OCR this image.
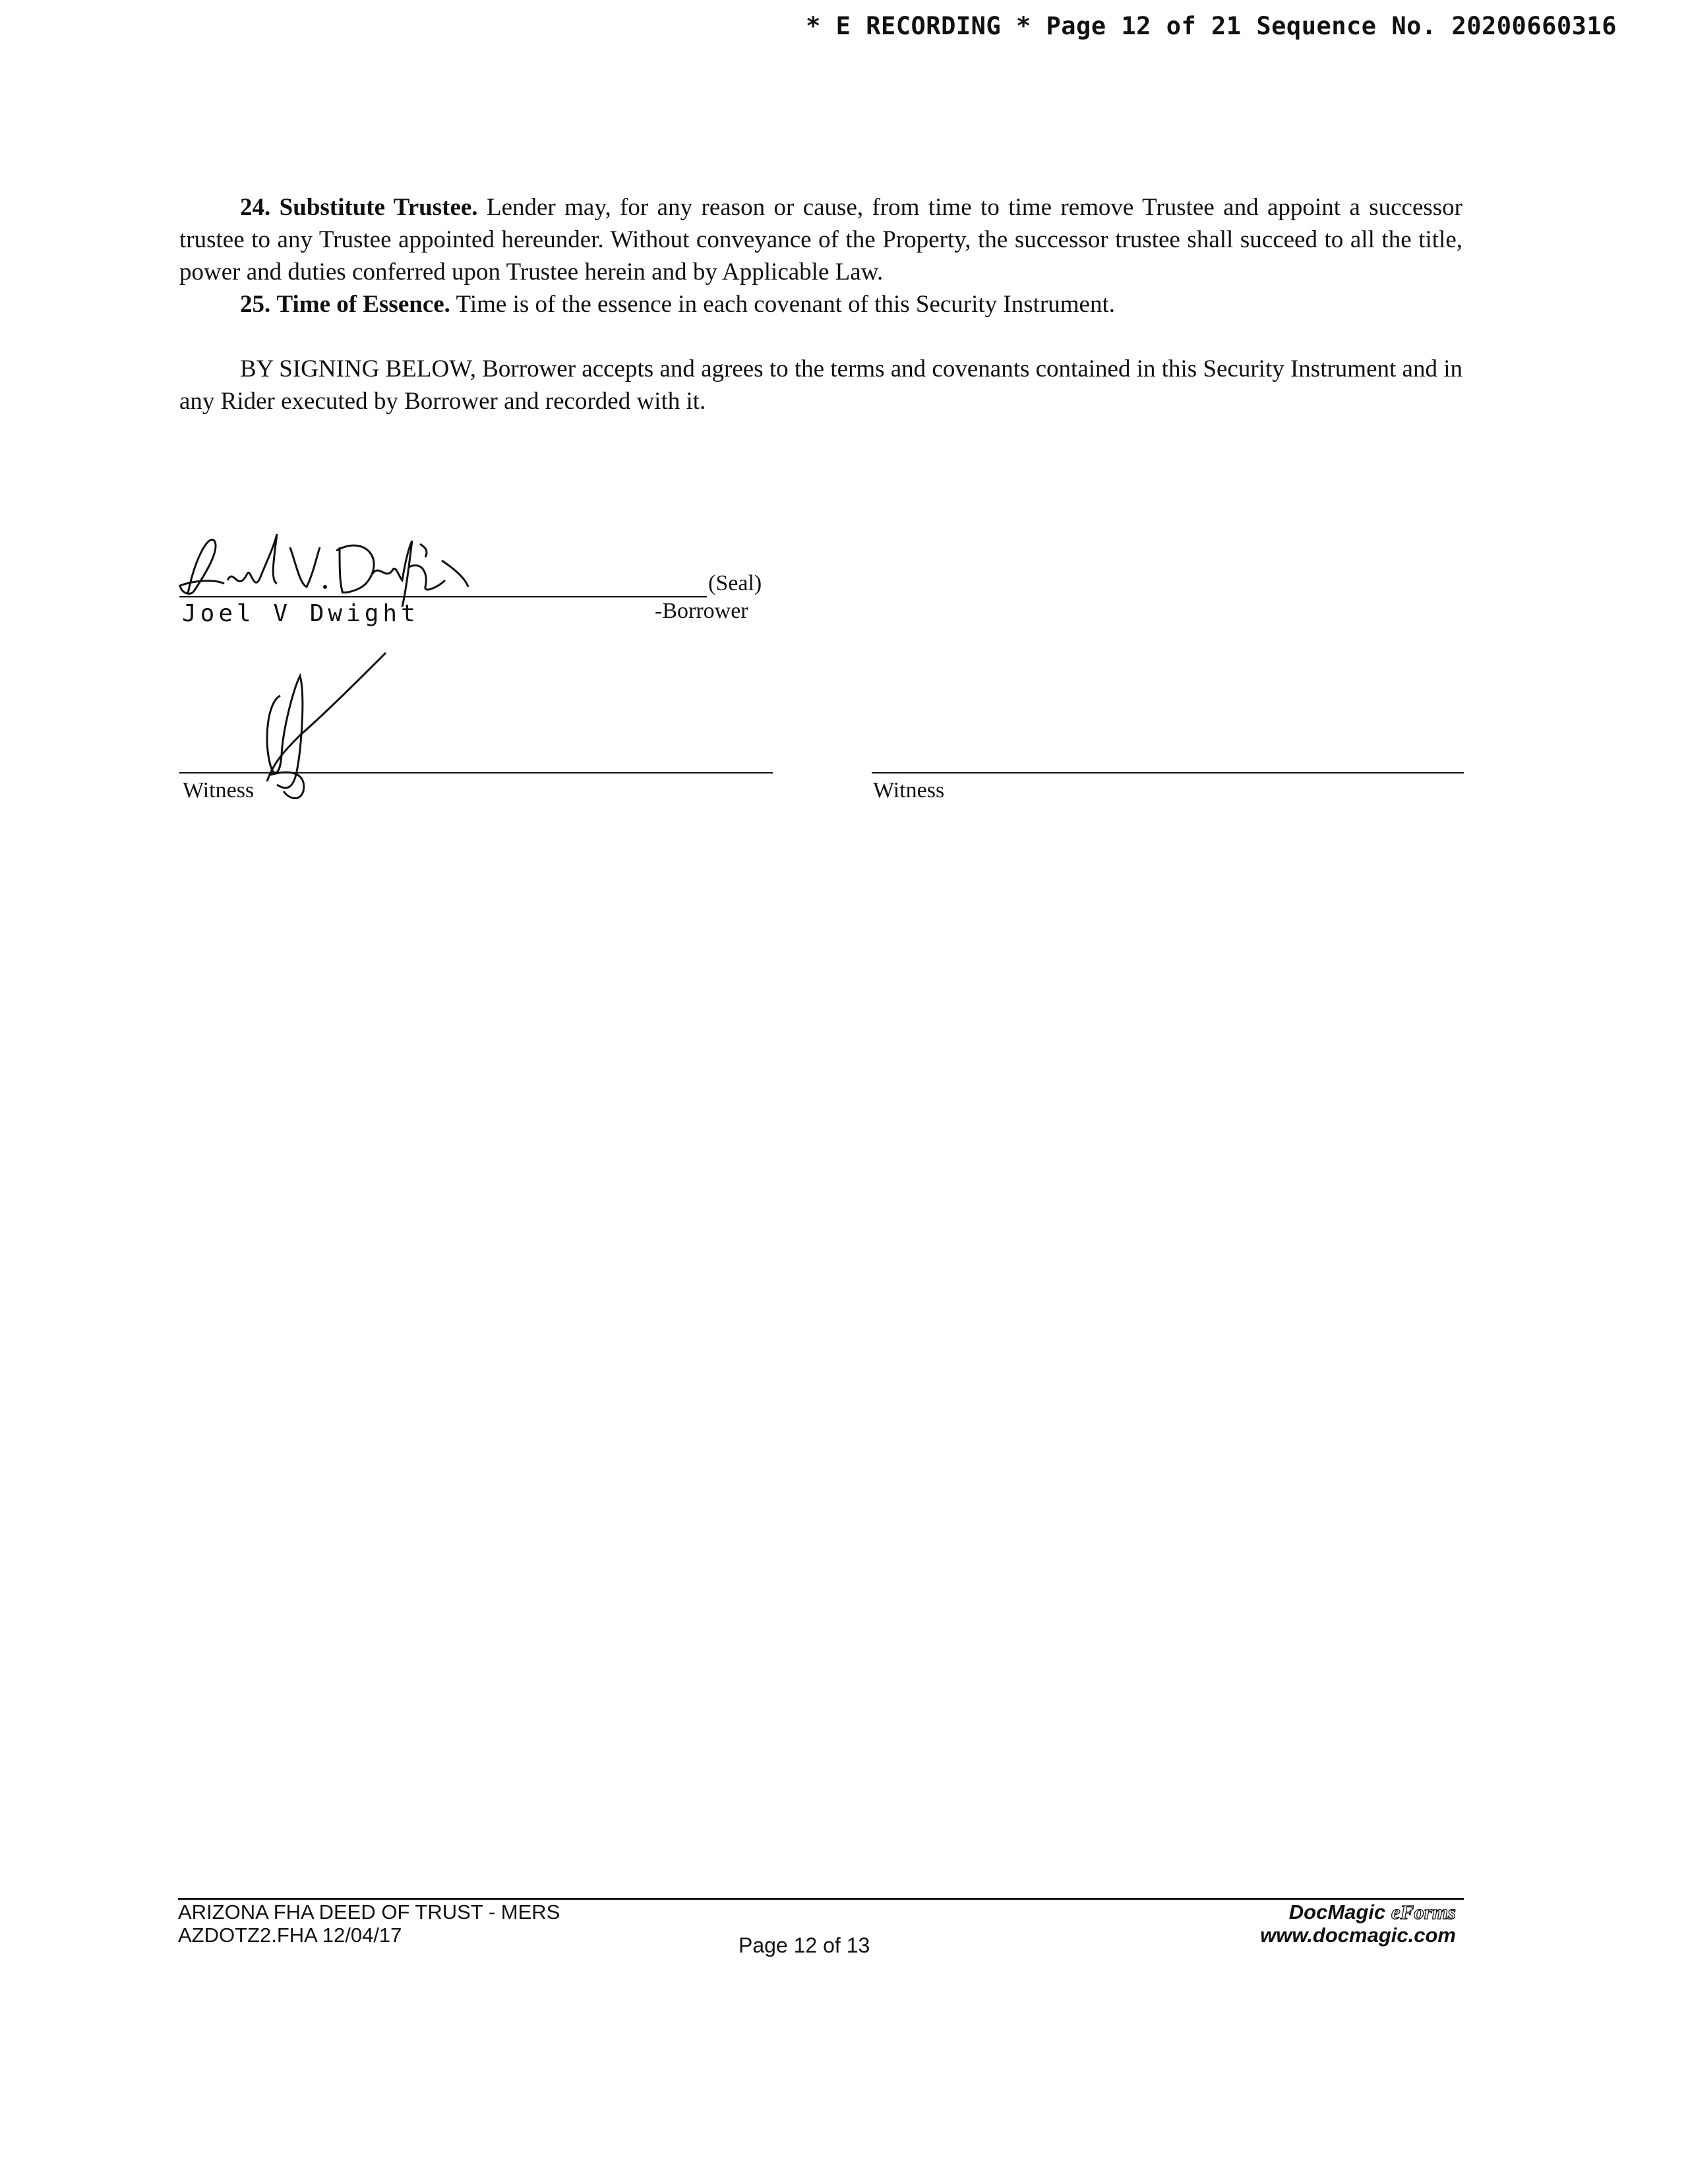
* E RECORDING * Page 12 of 21 Sequence No. 20200660316

24. Substitute Trustee. Lender may, for any reason or cause, from time to time remove Trustee and appoint a successor trustee to any Trustee appointed hereunder. Without conveyance of the Property, the successor trustee shall succeed to all the title, power and duties conferred upon Trustee herein and by Applicable Law.

25. Time of Essence. Time is of the essence in each covenant of this Security Instrument.

BY SIGNING BELOW, Borrower accepts and agrees to the terms and covenants contained in this Security Instrument and in any Rider executed by Borrower and recorded with it.

(Seal)
Joel V Dwight	-Borrower
Witness	Witness
ARIZONA FHA DEED OF TRUST - MERS
AZDOTZ2.FHA 12/04/17	Page 12 of 13
DocMagic eForms
www.docmagic.com
